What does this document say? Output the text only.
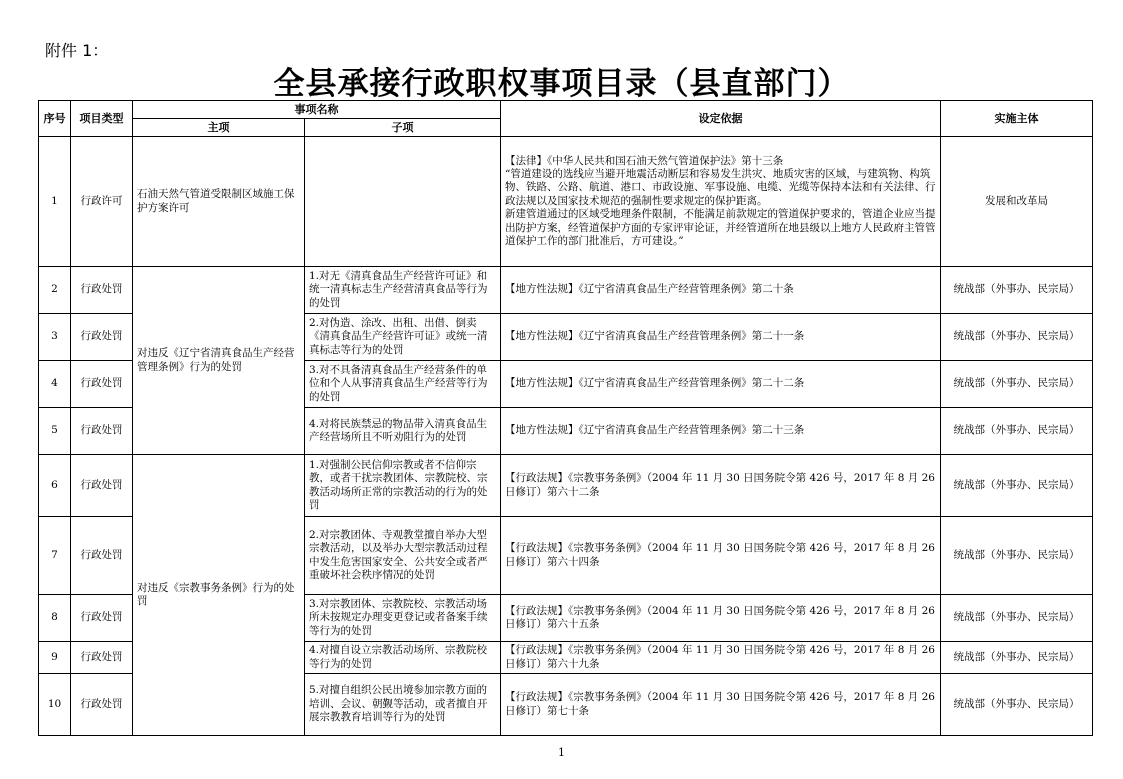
附件 1：
全县承接行政职权事项目录（县直部门）
序号	项目类型	事项名称		设定依据	实施主体
		主项	子项		
1	行政许可	石油天然气管道受限制区域施工保护方案许可		【法律】《中华人民共和国石油天然气管道保护法》第十三条
“管道建设的选线应当避开地震活动断层和容易发生洪灾、地质灾害的区域，与建筑物、构筑物、铁路、公路、航道、港口、市政设施、军事设施、电缆、光缆等保持本法和有关法律、行政法规以及国家技术规范的强制性要求规定的保护距离。
新建管道通过的区域受地理条件限制，不能满足前款规定的管道保护要求的，管道企业应当提出防护方案，经管道保护方面的专家评审论证，并经管道所在地县级以上地方人民政府主管管道保护工作的部门批准后，方可建设。”	发展和改革局
2	行政处罚	对违反《辽宁省清真食品生产经营管理条例》行为的处罚	1.对无《清真食品生产经营许可证》和统一清真标志生产经营清真食品等行为的处罚	【地方性法规】《辽宁省清真食品生产经营管理条例》第二十条	统战部（外事办、民宗局）
3	行政处罚		2.对伪造、涂改、出租、出借、倒卖《清真食品生产经营许可证》或统一清真标志等行为的处罚	【地方性法规】《辽宁省清真食品生产经营管理条例》第二十一条	统战部（外事办、民宗局）
4	行政处罚		3.对不具备清真食品生产经营条件的单位和个人从事清真食品生产经营等行为的处罚	【地方性法规】《辽宁省清真食品生产经营管理条例》第二十二条	统战部（外事办、民宗局）
5	行政处罚		4.对将民族禁忌的物品带入清真食品生产经营场所且不听劝阻行为的处罚	【地方性法规】《辽宁省清真食品生产经营管理条例》第二十三条	统战部（外事办、民宗局）
6	行政处罚	对违反《宗教事务条例》行为的处罚	1.对强制公民信仰宗教或者不信仰宗教，或者干扰宗教团体、宗教院校、宗教活动场所正常的宗教活动的行为的处罚	【行政法规】《宗教事务条例》（2004 年 11 月 30 日国务院令第 426 号，2017 年 8 月 26 日修订）第六十二条	统战部（外事办、民宗局）
7	行政处罚		2.对宗教团体、寺观教堂擅自举办大型宗教活动，以及举办大型宗教活动过程中发生危害国家安全、公共安全或者严重破坏社会秩序情况的处罚	【行政法规】《宗教事务条例》（2004 年 11 月 30 日国务院令第 426 号，2017 年 8 月 26 日修订）第六十四条	统战部（外事办、民宗局）
8	行政处罚		3.对宗教团体、宗教院校、宗教活动场所未按规定办理变更登记或者备案手续等行为的处罚	【行政法规】《宗教事务条例》（2004 年 11 月 30 日国务院令第 426 号，2017 年 8 月 26 日修订）第六十五条	统战部（外事办、民宗局）
9	行政处罚		4.对擅自设立宗教活动场所、宗教院校等行为的处罚	【行政法规】《宗教事务条例》（2004 年 11 月 30 日国务院令第 426 号，2017 年 8 月 26 日修订）第六十九条	统战部（外事办、民宗局）
10	行政处罚		5.对擅自组织公民出境参加宗教方面的培训、会议、朝觐等活动，或者擅自开展宗教教育培训等行为的处罚	【行政法规】《宗教事务条例》（2004 年 11 月 30 日国务院令第 426 号，2017 年 8 月 26 日修订）第七十条	统战部（外事办、民宗局）
1
